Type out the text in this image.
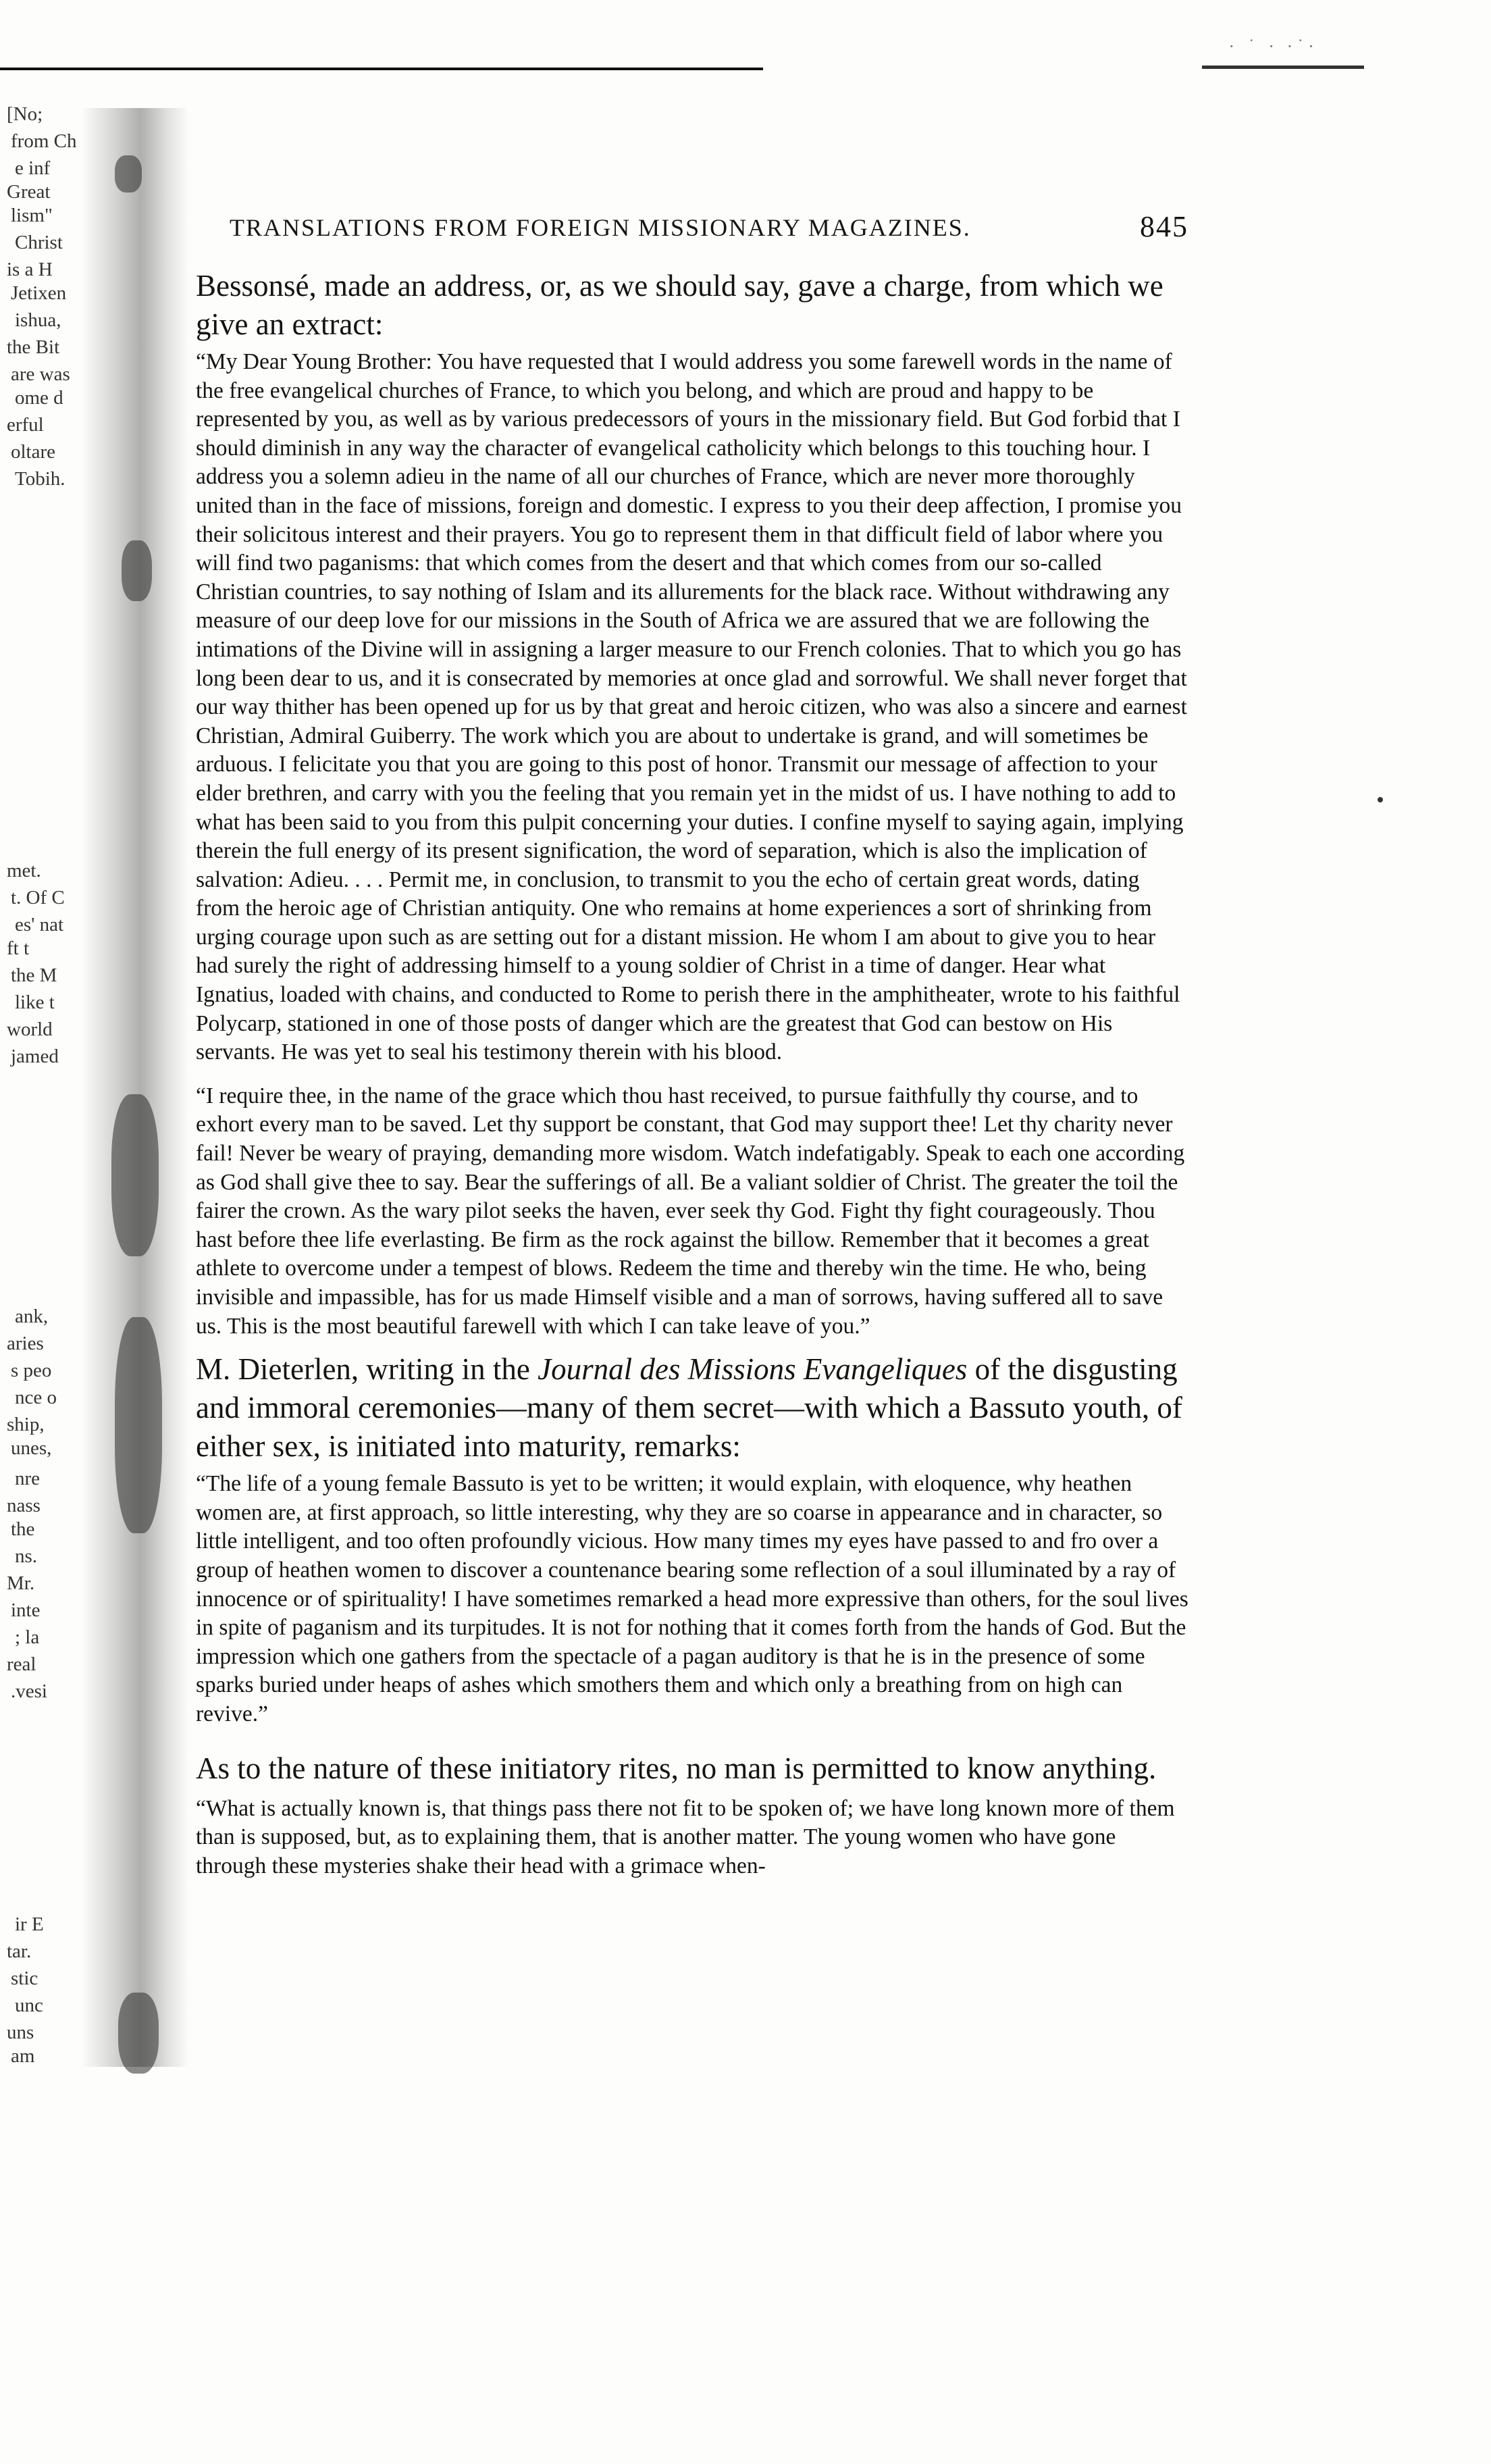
· ˙ · ·˙·
[No;
from Ch
e inf
Great
lism"
Christ
is a H
Jetixen
ishua,
the Bit
are was
ome d
erful
oltare
Tobih.
met.
t. Of C
es' nat
ft t
the M
like t
world
jamed
ank,
aries
s peo
nce o
ship,
unes,
nre
nass
the
ns.
Mr.
inte
; la
real
.vesi
ir E
tar.
stic
unc
uns
am
TRANSLATIONS FROM FOREIGN MISSIONARY MAGAZINES.	845

Bessonsé, made an address, or, as we should say, gave a charge, from which we give an extract:

“My Dear Young Brother: You have requested that I would address you some farewell words in the name of the free evangelical churches of France, to which you belong, and which are proud and happy to be represented by you, as well as by various predecessors of yours in the missionary field. But God forbid that I should diminish in any way the character of evangelical catholicity which belongs to this touching hour. I address you a solemn adieu in the name of all our churches of France, which are never more thoroughly united than in the face of missions, foreign and domestic. I express to you their deep affection, I promise you their solicitous interest and their prayers. You go to represent them in that difficult field of labor where you will find two paganisms: that which comes from the desert and that which comes from our so-called Christian countries, to say nothing of Islam and its allurements for the black race. Without withdrawing any measure of our deep love for our missions in the South of Africa we are assured that we are following the intimations of the Divine will in assigning a larger measure to our French colonies. That to which you go has long been dear to us, and it is consecrated by memories at once glad and sorrowful. We shall never forget that our way thither has been opened up for us by that great and heroic citizen, who was also a sincere and earnest Christian, Admiral Guiberry. The work which you are about to undertake is grand, and will sometimes be arduous. I felicitate you that you are going to this post of honor. Transmit our message of affection to your elder brethren, and carry with you the feeling that you remain yet in the midst of us. I have nothing to add to what has been said to you from this pulpit concerning your duties. I confine myself to saying again, implying therein the full energy of its present signification, the word of separation, which is also the implication of salvation: Adieu. . . . Permit me, in conclusion, to transmit to you the echo of certain great words, dating from the heroic age of Christian antiquity. One who remains at home experiences a sort of shrinking from urging courage upon such as are setting out for a distant mission. He whom I am about to give you to hear had surely the right of addressing himself to a young soldier of Christ in a time of danger. Hear what Ignatius, loaded with chains, and conducted to Rome to perish there in the amphitheater, wrote to his faithful Polycarp, stationed in one of those posts of danger which are the greatest that God can bestow on His servants. He was yet to seal his testimony therein with his blood.

“I require thee, in the name of the grace which thou hast received, to pursue faithfully thy course, and to exhort every man to be saved. Let thy support be constant, that God may support thee! Let thy charity never fail! Never be weary of praying, demanding more wisdom. Watch indefatigably. Speak to each one according as God shall give thee to say. Bear the sufferings of all. Be a valiant soldier of Christ. The greater the toil the fairer the crown. As the wary pilot seeks the haven, ever seek thy God. Fight thy fight courageously. Thou hast before thee life everlasting. Be firm as the rock against the billow. Remember that it becomes a great athlete to overcome under a tempest of blows. Redeem the time and thereby win the time. He who, being invisible and impassible, has for us made Himself visible and a man of sorrows, having suffered all to save us. This is the most beautiful farewell with which I can take leave of you.”

M. Dieterlen, writing in the Journal des Missions Evangeliques of the disgusting and immoral ceremonies—many of them secret—with which a Bassuto youth, of either sex, is initiated into maturity, remarks:

“The life of a young female Bassuto is yet to be written; it would explain, with eloquence, why heathen women are, at first approach, so little interesting, why they are so coarse in appearance and in character, so little intelligent, and too often profoundly vicious. How many times my eyes have passed to and fro over a group of heathen women to discover a countenance bearing some reflection of a soul illuminated by a ray of innocence or of spirituality! I have sometimes remarked a head more expressive than others, for the soul lives in spite of paganism and its turpitudes. It is not for nothing that it comes forth from the hands of God. But the impression which one gathers from the spectacle of a pagan auditory is that he is in the presence of some sparks buried under heaps of ashes which smothers them and which only a breathing from on high can revive.”

As to the nature of these initiatory rites, no man is permitted to know anything.

“What is actually known is, that things pass there not fit to be spoken of; we have long known more of them than is supposed, but, as to explaining them, that is another matter. The young women who have gone through these mysteries shake their head with a grimace when-
